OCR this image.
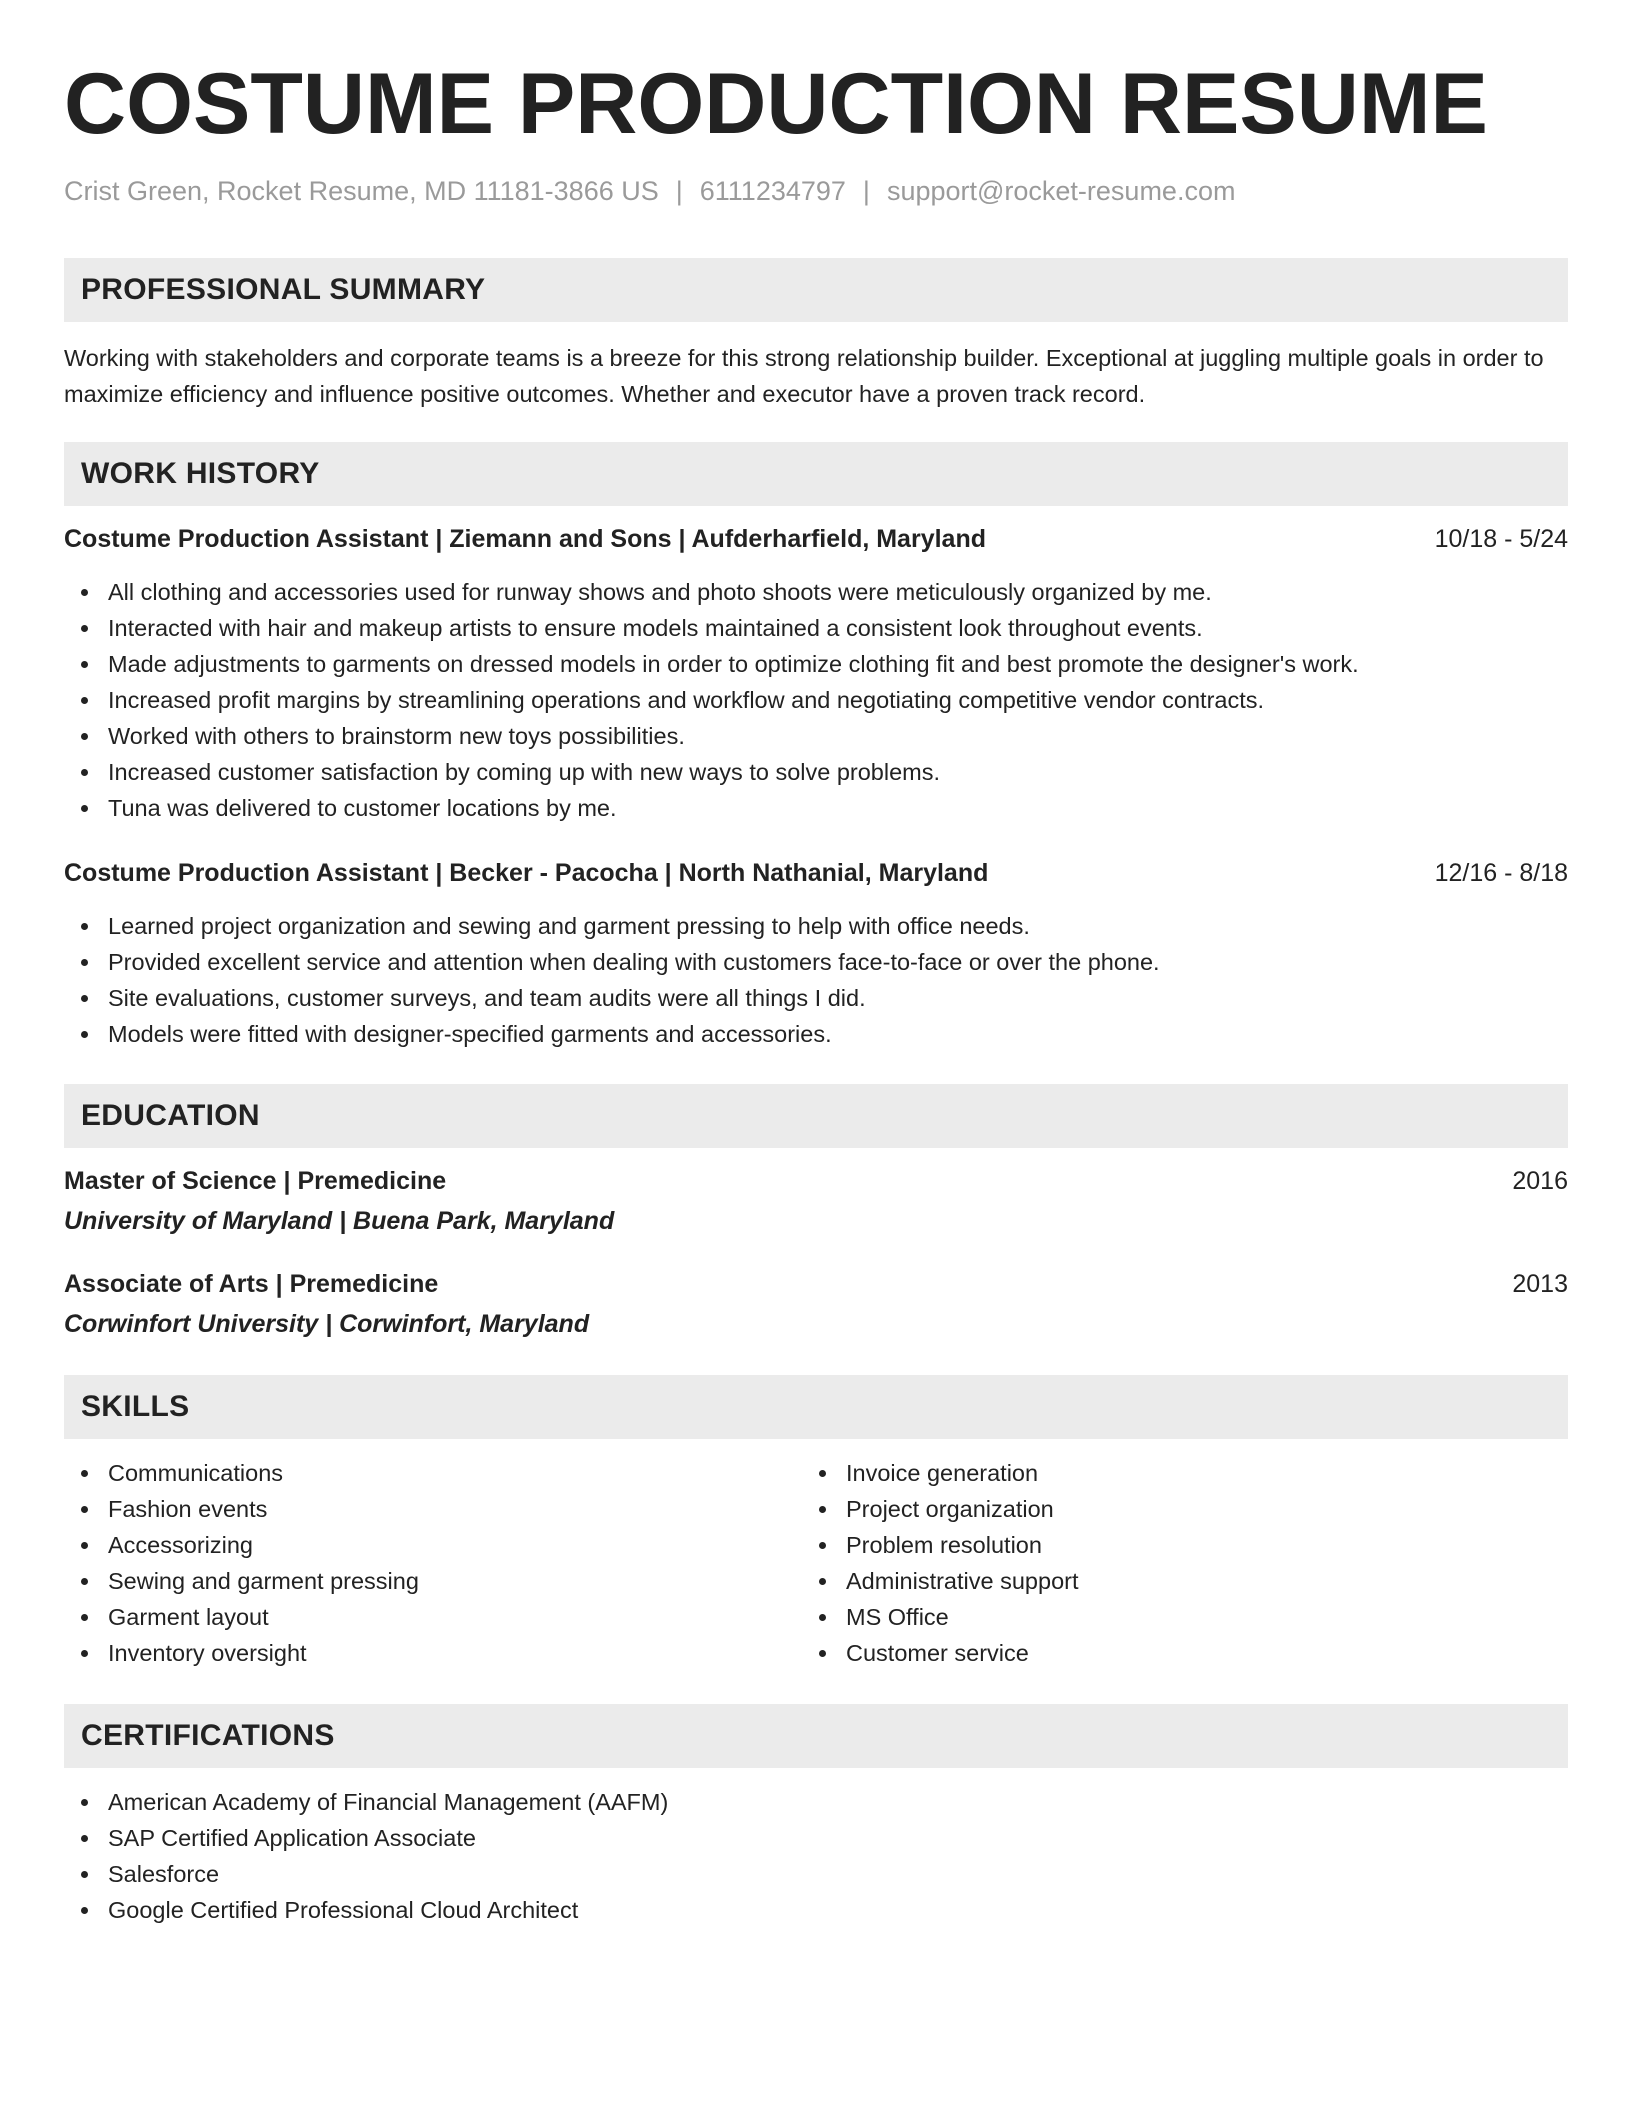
COSTUME PRODUCTION RESUME
Crist Green, Rocket Resume, MD 11181-3866 US | 6111234797 | support@rocket-resume.com
PROFESSIONAL SUMMARY

Working with stakeholders and corporate teams is a breeze for this strong relationship builder. Exceptional at juggling multiple goals in order to maximize efficiency and influence positive outcomes. Whether and executor have a proven track record.

WORK HISTORY
Costume Production Assistant | Ziemann and Sons | Aufderharfield, Maryland	10/18 - 5/24
All clothing and accessories used for runway shows and photo shoots were meticulously organized by me.
Interacted with hair and makeup artists to ensure models maintained a consistent look throughout events.
Made adjustments to garments on dressed models in order to optimize clothing fit and best promote the designer's work.
Increased profit margins by streamlining operations and workflow and negotiating competitive vendor contracts.
Worked with others to brainstorm new toys possibilities.
Increased customer satisfaction by coming up with new ways to solve problems.
Tuna was delivered to customer locations by me.
Costume Production Assistant | Becker - Pacocha | North Nathanial, Maryland	12/16 - 8/18
Learned project organization and sewing and garment pressing to help with office needs.
Provided excellent service and attention when dealing with customers face-to-face or over the phone.
Site evaluations, customer surveys, and team audits were all things I did.
Models were fitted with designer-specified garments and accessories.
EDUCATION
Master of Science | Premedicine	2016
University of Maryland | Buena Park, Maryland
Associate of Arts | Premedicine	2013
Corwinfort University | Corwinfort, Maryland
SKILLS
Communications
Fashion events
Accessorizing
Sewing and garment pressing
Garment layout
Inventory oversight
Invoice generation
Project organization
Problem resolution
Administrative support
MS Office
Customer service
CERTIFICATIONS
American Academy of Financial Management (AAFM)
SAP Certified Application Associate
Salesforce
Google Certified Professional Cloud Architect
